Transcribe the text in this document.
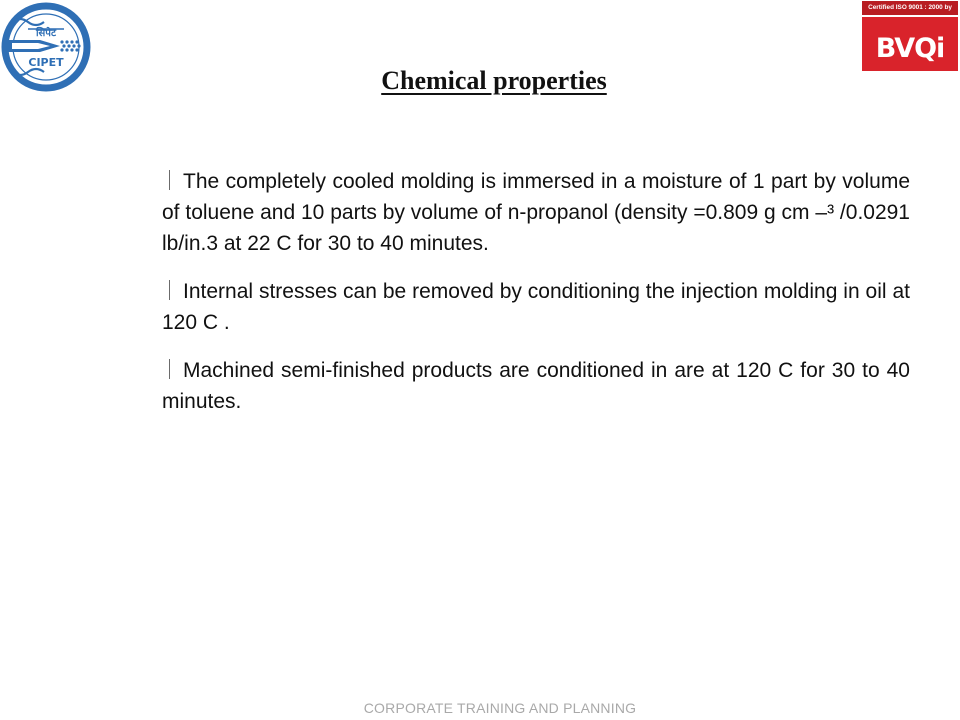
सिपेट
CIPET
Certified ISO 9001 : 2000 by
BVQi
Chemical properties

The completely cooled molding is immersed in a moisture of 1 part by volume of toluene and 10 parts by volume of n-propanol (density =0.809 g cm –³ /0.0291 lb/in.3 at 22 C for 30 to 40 minutes.

Internal stresses can be removed by conditioning the injection molding in oil at 120 C .

Machined semi-finished products are conditioned in are at 120 C for 30 to 40 minutes.

CORPORATE TRAINING AND PLANNING
